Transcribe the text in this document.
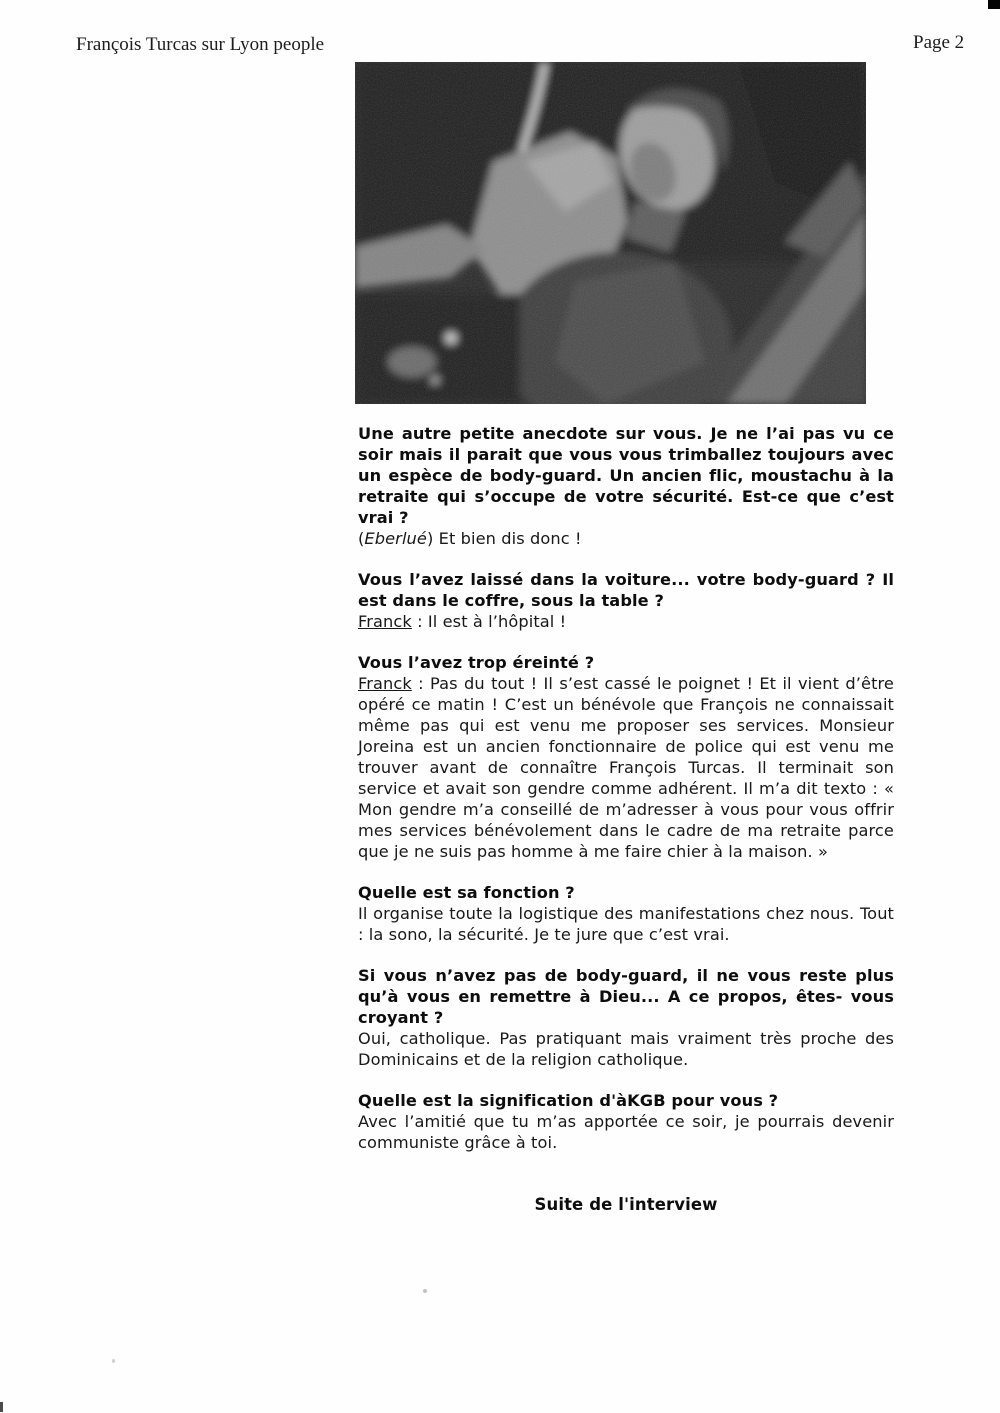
François Turcas sur Lyon people	Page 2

Une autre petite anecdote sur vous. Je ne l’ai pas vu ce soir mais il parait que vous vous trimballez toujours avec un espèce de body-guard. Un ancien flic, moustachu à la retraite qui s’occupe de votre sécurité. Est-ce que c’est vrai ?

(Eberlué) Et bien dis donc !

Vous l’avez laissé dans la voiture... votre body-guard ? Il est dans le coffre, sous la table ?

Franck : Il est à l’hôpital !

Vous l’avez trop éreinté ?

Franck : Pas du tout ! Il s’est cassé le poignet ! Et il vient d’être opéré ce matin ! C’est un bénévole que François ne connaissait même pas qui est venu me proposer ses services. Monsieur Joreina est un ancien fonctionnaire de police qui est venu me trouver avant de connaître François Turcas. Il terminait son service et avait son gendre comme adhérent. Il m’a dit texto : « Mon gendre m’a conseillé de m’adresser à vous pour vous offrir mes services bénévolement dans le cadre de ma retraite parce que je ne suis pas homme à me faire chier à la maison. »

Quelle est sa fonction ?

Il organise toute la logistique des manifestations chez nous. Tout : la sono, la sécurité. Je te jure que c’est vrai.

Si vous n’avez pas de body-guard, il ne vous reste plus qu’à vous en remettre à Dieu... A ce propos, êtes- vous croyant ?

Oui, catholique. Pas pratiquant mais vraiment très proche des Dominicains et de la religion catholique.

Quelle est la signification d'àKGB pour vous ?

Avec l’amitié que tu m’as apportée ce soir, je pourrais devenir communiste grâce à toi.

Suite de l'interview
